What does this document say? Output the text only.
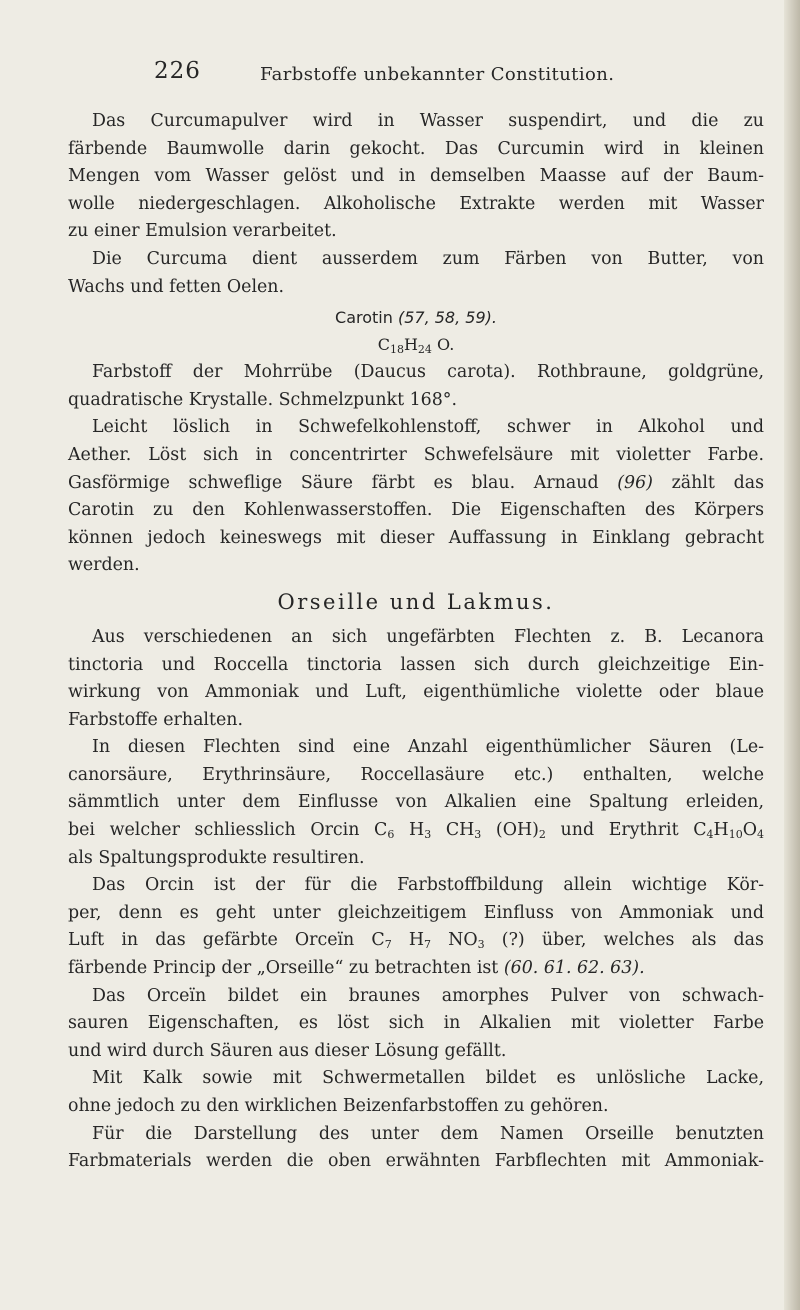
226	Farbstoffe unbekannter Constitution.
Das Curcumapulver wird in Wasser suspendirt, und die zu
färbende Baumwolle darin gekocht. Das Curcumin wird in kleinen
Mengen vom Wasser gelöst und in demselben Maasse auf der Baum-
wolle niedergeschlagen. Alkoholische Extrakte werden mit Wasser
zu einer Emulsion verarbeitet.
Die Curcuma dient ausserdem zum Färben von Butter, von
Wachs und fetten Oelen.
Carotin (57, 58, 59).
$C_{18}H_{24}$ O.
Farbstoff der Mohrrübe (Daucus carota). Rothbraune, goldgrüne,
quadratische Krystalle. Schmelzpunkt 168°.
Leicht löslich in Schwefelkohlenstoff, schwer in Alkohol und
Aether. Löst sich in concentrirter Schwefelsäure mit violetter Farbe.
Gasförmige schweflige Säure färbt es blau. Arnaud (96) zählt das
Carotin zu den Kohlenwasserstoffen. Die Eigenschaften des Körpers
können jedoch keineswegs mit dieser Auffassung in Einklang gebracht
werden.
Orseille und Lakmus.
Aus verschiedenen an sich ungefärbten Flechten z. B. Lecanora
tinctoria und Roccella tinctoria lassen sich durch gleichzeitige Ein-
wirkung von Ammoniak und Luft, eigenthümliche violette oder blaue
Farbstoffe erhalten.
In diesen Flechten sind eine Anzahl eigenthümlicher Säuren (Le-
canorsäure, Erythrinsäure, Roccellasäure etc.) enthalten, welche
sämmtlich unter dem Einflusse von Alkalien eine Spaltung erleiden,
bei welcher schliesslich Orcin $C_6$ $H_3$ $CH_3$ $(OH)_2$ und Erythrit $C_4H_{10}O_4$
als Spaltungsprodukte resultiren.
Das Orcin ist der für die Farbstoffbildung allein wichtige Kör-
per, denn es geht unter gleichzeitigem Einfluss von Ammoniak und
Luft in das gefärbte Orceïn $C_7$ $H_7$ $NO_3$ (?) über, welches als das
färbende Princip der „Orseille“ zu betrachten ist (60. 61. 62. 63).
Das Orceïn bildet ein braunes amorphes Pulver von schwach-
sauren Eigenschaften, es löst sich in Alkalien mit violetter Farbe
und wird durch Säuren aus dieser Lösung gefällt.
Mit Kalk sowie mit Schwermetallen bildet es unlösliche Lacke,
ohne jedoch zu den wirklichen Beizenfarbstoffen zu gehören.
Für die Darstellung des unter dem Namen Orseille benutzten
Farbmaterials werden die oben erwähnten Farbflechten mit Ammoniak-
